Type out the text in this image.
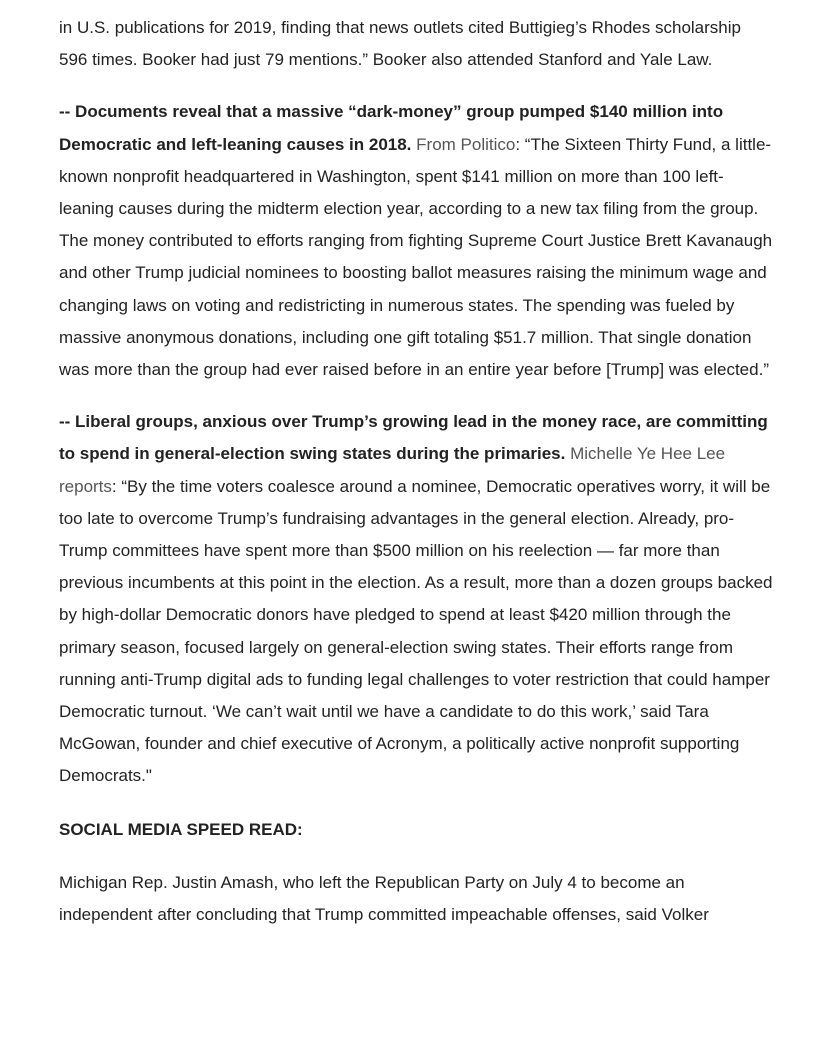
in U.S. publications for 2019, finding that news outlets cited Buttigieg’s Rhodes scholarship 596 times. Booker had just 79 mentions.” Booker also attended Stanford and Yale Law.

-- Documents reveal that a massive “dark-money” group pumped $140 million into Democratic and left-leaning causes in 2018. From Politico: “The Sixteen Thirty Fund, a little-known nonprofit headquartered in Washington, spent $141 million on more than 100 left-leaning causes during the midterm election year, according to a new tax filing from the group. The money contributed to efforts ranging from fighting Supreme Court Justice Brett Kavanaugh and other Trump judicial nominees to boosting ballot measures raising the minimum wage and changing laws on voting and redistricting in numerous states. The spending was fueled by massive anonymous donations, including one gift totaling $51.7 million. That single donation was more than the group had ever raised before in an entire year before [Trump] was elected.”

-- Liberal groups, anxious over Trump’s growing lead in the money race, are committing to spend in general-election swing states during the primaries. Michelle Ye Hee Lee reports: “By the time voters coalesce around a nominee, Democratic operatives worry, it will be too late to overcome Trump’s fundraising advantages in the general election. Already, pro-Trump committees have spent more than $500 million on his reelection — far more than previous incumbents at this point in the election. As a result, more than a dozen groups backed by high-dollar Democratic donors have pledged to spend at least $420 million through the primary season, focused largely on general-election swing states. Their efforts range from running anti-Trump digital ads to funding legal challenges to voter restriction that could hamper Democratic turnout. ‘We can’t wait until we have a candidate to do this work,’ said Tara McGowan, founder and chief executive of Acronym, a politically active nonprofit supporting Democrats."

SOCIAL MEDIA SPEED READ:

Michigan Rep. Justin Amash, who left the Republican Party on July 4 to become an independent after concluding that Trump committed impeachable offenses, said Volker
